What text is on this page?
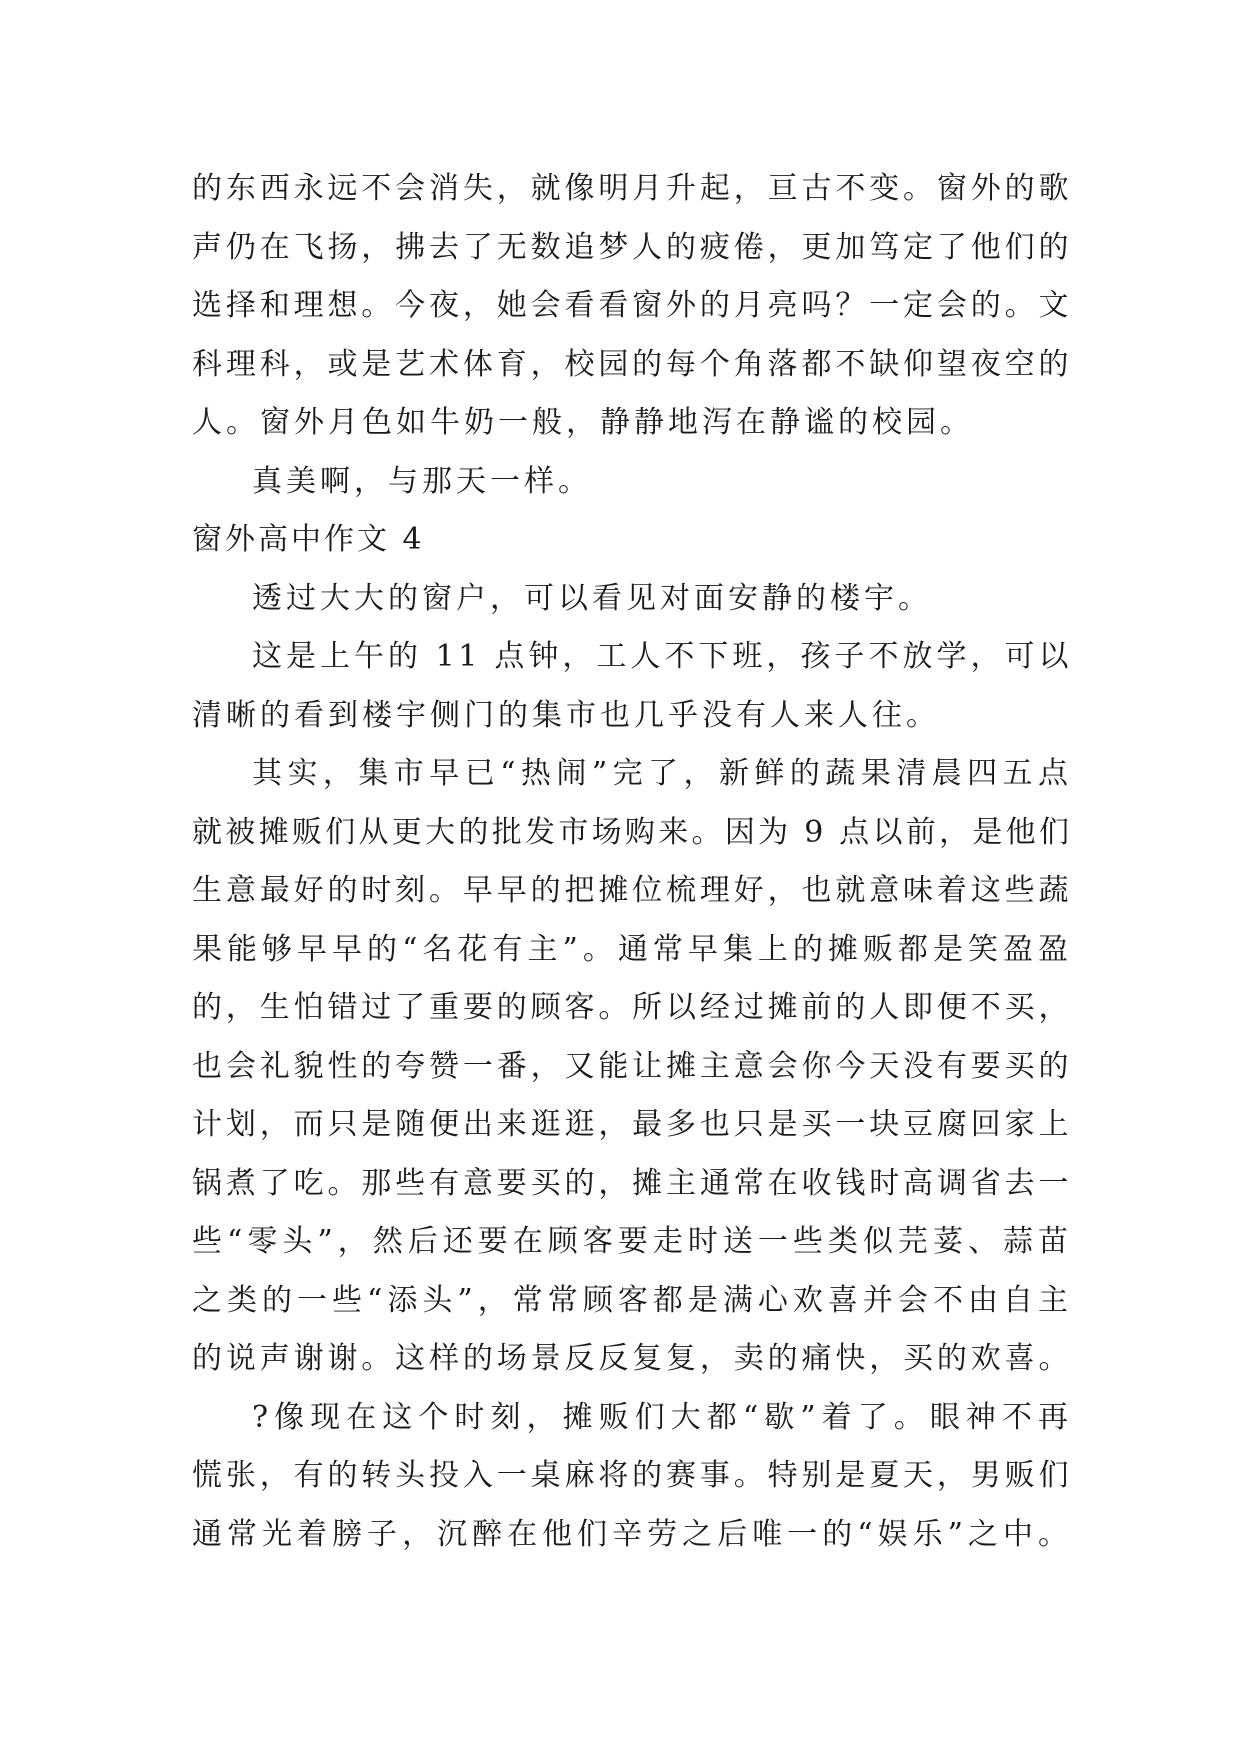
的东西永远不会消失，就像明月升起，亘古不变。窗外的歌
声仍在飞扬，拂去了无数追梦人的疲倦，更加笃定了他们的
选择和理想。今夜，她会看看窗外的月亮吗？一定会的。文
科理科，或是艺术体育，校园的每个角落都不缺仰望夜空的
人。窗外月色如牛奶一般，静静地泻在静谧的校园。
真美啊，与那天一样。
窗外高中作文 4
透过大大的窗户，可以看见对面安静的楼宇。
这是上午的 11 点钟，工人不下班，孩子不放学，可以
清晰的看到楼宇侧门的集市也几乎没有人来人往。
其实，集市早已“热闹”完了，新鲜的蔬果清晨四五点
就被摊贩们从更大的批发市场购来。因为 9 点以前，是他们
生意最好的时刻。早早的把摊位梳理好，也就意味着这些蔬
果能够早早的“名花有主”。通常早集上的摊贩都是笑盈盈
的，生怕错过了重要的顾客。所以经过摊前的人即便不买，
也会礼貌性的夸赞一番，又能让摊主意会你今天没有要买的
计划，而只是随便出来逛逛，最多也只是买一块豆腐回家上
锅煮了吃。那些有意要买的，摊主通常在收钱时高调省去一
些“零头”，然后还要在顾客要走时送一些类似芫荽、蒜苗
之类的一些“添头”，常常顾客都是满心欢喜并会不由自主
的说声谢谢。这样的场景反反复复，卖的痛快，买的欢喜。
?像现在这个时刻，摊贩们大都“歇”着了。眼神不再
慌张，有的转头投入一桌麻将的赛事。特别是夏天，男贩们
通常光着膀子，沉醉在他们辛劳之后唯一的“娱乐”之中。
